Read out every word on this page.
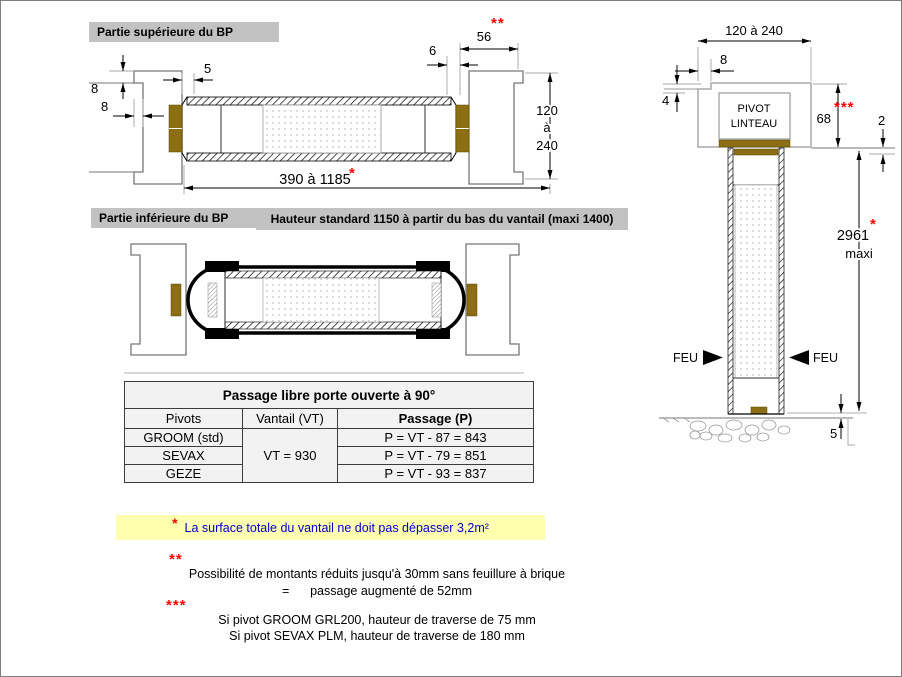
Partie supérieure du BP
Partie inférieure du BP	Hauteur standard 1150 à partir du bas du vantail (maxi 1400)
8
8
5
6
56
**
120
à
240
390 à 1185
*
120 à 240
PIVOT
LINTEAU
8
4
68
***
2
FEU	FEU
2961
maxi
*
5
Passage libre porte ouverte à 90°		
Pivots	Vantail (VT)	Passage (P)
GROOM (std)	VT = 930	P = VT - 87 = 843
SEVAX		P = VT - 79 = 851
GEZE		P = VT - 93 = 837
* La surface totale du vantail ne doit pas dépasser 3,2m²
**
Possibilité de montants réduits jusqu'à 30mm sans feuillure à brique
=      passage augmenté de 52mm
***
Si pivot GROOM GRL200, hauteur de traverse de 75 mm
Si pivot SEVAX PLM, hauteur de traverse de 180 mm
